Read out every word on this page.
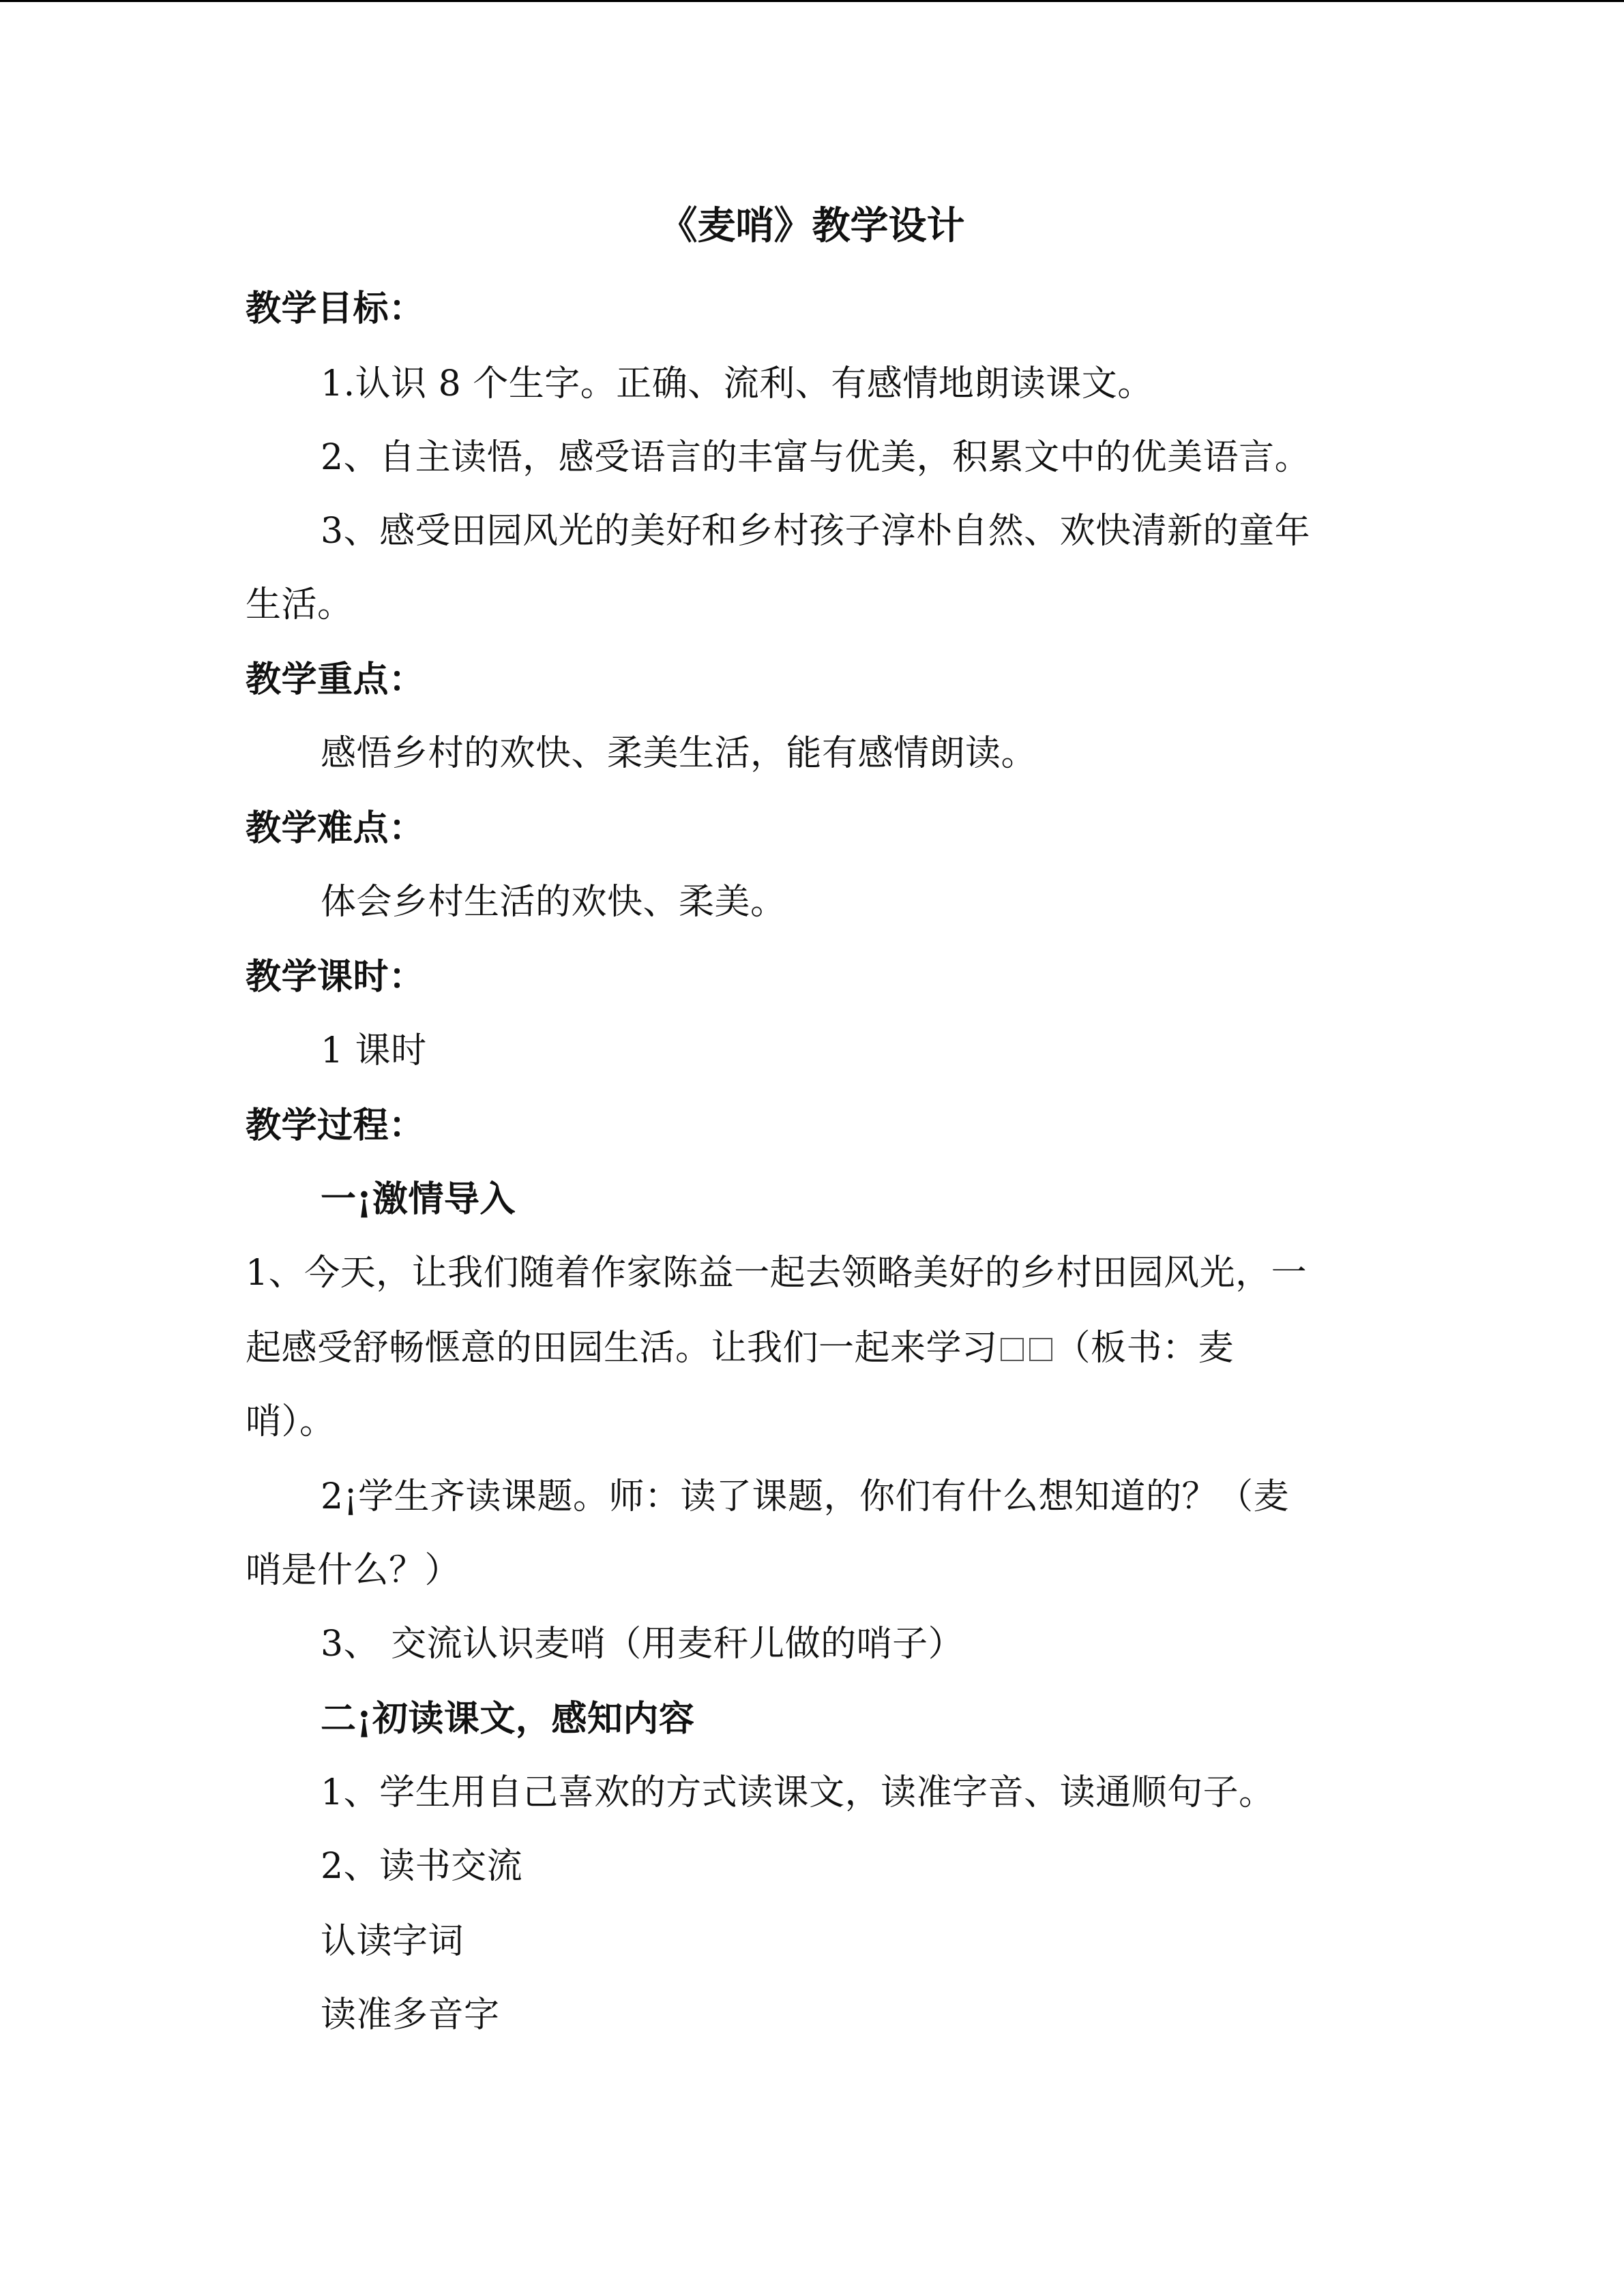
《麦哨》教学设计
教学目标：
1.认识 8 个生字。正确、流利、有感情地朗读课文。
2、自主读悟，感受语言的丰富与优美，积累文中的优美语言。
3、感受田园风光的美好和乡村孩子淳朴自然、欢快清新的童年
生活。
教学重点：
感悟乡村的欢快、柔美生活，能有感情朗读。
教学难点：
体会乡村生活的欢快、柔美。
教学课时：
1 课时
教学过程：
一¡激情导入
1、今天，让我们随着作家陈益一起去领略美好的乡村田园风光，一
起感受舒畅惬意的田园生活。让我们一起来学习 （板书：麦
哨）。
2¡学生齐读课题。师：读了课题，你们有什么想知道的？（麦
哨是什么？）
3、 交流认识麦哨（用麦秆儿做的哨子）
二¡初读课文，感知内容
1、学生用自己喜欢的方式读课文，读准字音、读通顺句子。
2、读书交流
认读字词
读准多音字
